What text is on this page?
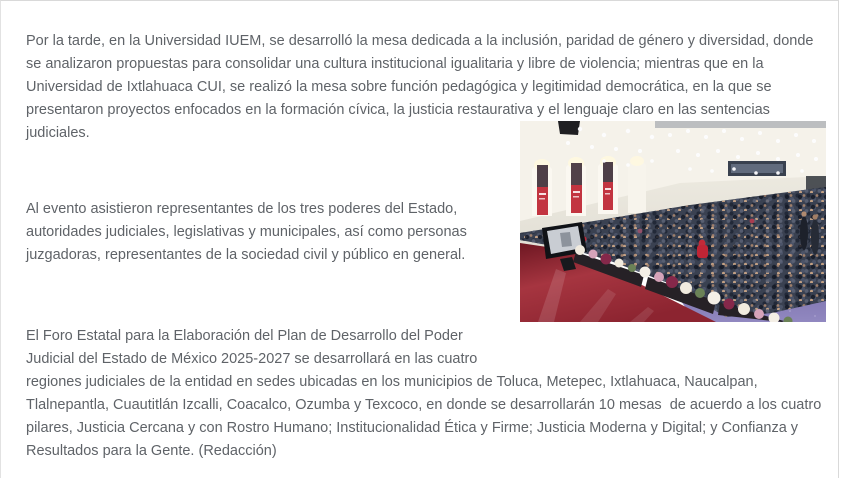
Por la tarde, en la Universidad IUEM, se desarrolló la mesa dedicada a la inclusión, paridad de género y diversidad, donde se analizaron propuestas para consolidar una cultura institucional igualitaria y libre de violencia; mientras que en la Universidad de Ixtlahuaca CUI, se realizó la mesa sobre función pedagógica y legitimidad democrática, en la que se presentaron proyectos enfocados en la formación cívica, la justicia restaurativa y el lenguaje claro en las sentencias judiciales.
Al evento asistieron representantes de los tres poderes del Estado, autoridades judiciales, legislativas y municipales, así como personas juzgadoras, representantes de la sociedad civil y público en general.
El Foro Estatal para la Elaboración del Plan de Desarrollo del Poder Judicial del Estado de México 2025-2027 se desarrollará en las cuatro regiones judiciales de la entidad en sedes ubicadas en los municipios de Toluca, Metepec, Ixtlahuaca, Naucalpan, Tlalnepantla, Cuautitlán Izcalli, Coacalco, Ozumba y Texcoco, en donde se desarrollarán 10 mesas  de acuerdo a los cuatro pilares, Justicia Cercana y con Rostro Humano; Institucionalidad Ética y Firme; Justicia Moderna y Digital; y Confianza y Resultados para la Gente. (Redacción)
